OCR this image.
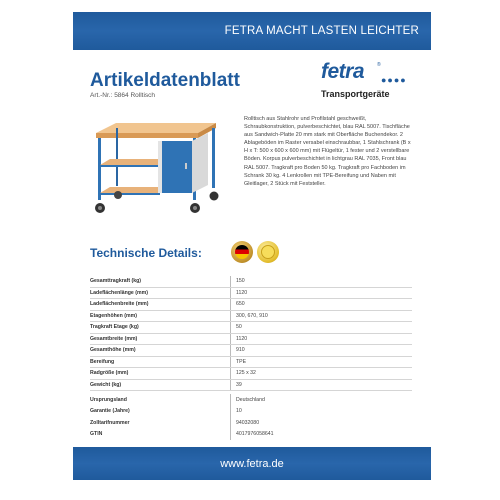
FETRA MACHT LASTEN LEICHTER
Artikeldatenblatt
Art.-Nr.: 5864 Rolltisch
fetra	®
●●●●
Transportgeräte
Rolltisch aus Stahlrohr und Profilstahl geschweißt, Schraubkonstruktion, pulverbeschichtet, blau RAL 5007. Tischfläche aus Sandwich-Platte 20 mm stark mit Oberfläche Buchendekor. 2 Ablageböden im Raster versabel einschraubbar, 1 Stahlschrank (B x H x T: 500 x 600 x 600 mm) mit Flügeltür, 1 fester und 2 verstellbare Böden. Korpus pulverbeschichtet in lichtgrau RAL 7035, Front blau RAL 5007. Tragkraft pro Boden 50 kg. Tragkraft pro Fachboden im Schrank 30 kg. 4 Lenkrollen mit TPE-Bereifung und Naben mit Gleitlager, 2 Stück mit Feststeller.
Technische Details:
Gesamttragkraft (kg)	150
Ladeflächenlänge (mm)	1120
Ladeflächenbreite (mm)	650
Etagenhöhen (mm)	300, 670, 910
Tragkraft Etage (kg)	50
Gesamtbreite (mm)	1120
Gesamthöhe (mm)	910
Bereifung	TPE
Radgröße (mm)	125 x 32
Gewicht (kg)	39
Ursprungsland	Deutschland
Garantie (Jahre)	10
Zolltarifnummer	94032080
GTIN	4017976058641
www.fetra.de
